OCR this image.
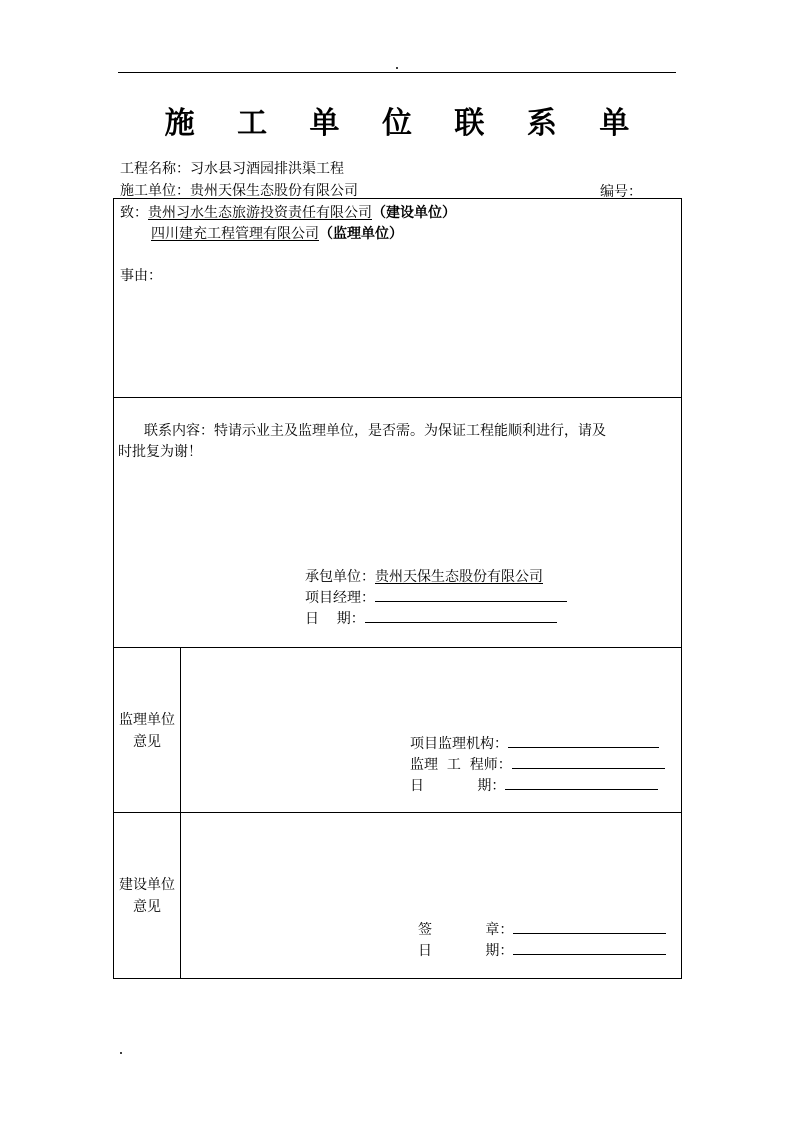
施 工 单 位 联 系 单
工程名称：习水县习酒园排洪渠工程
施工单位：贵州天保生态股份有限公司	编号：
致：贵州习水生态旅游投资责任有限公司（建设单位）
四川建充工程管理有限公司（监理单位）
事由：
联系内容：特请示业主及监理单位，是否需。为保证工程能顺利进行，请及
时批复为谢！
承包单位：贵州天保生态股份有限公司
项目经理：
日    期：
监理单位意见	项目监理机构：
监理  工  程师：
日            期：
建设单位意见
签            章：
日            期：
